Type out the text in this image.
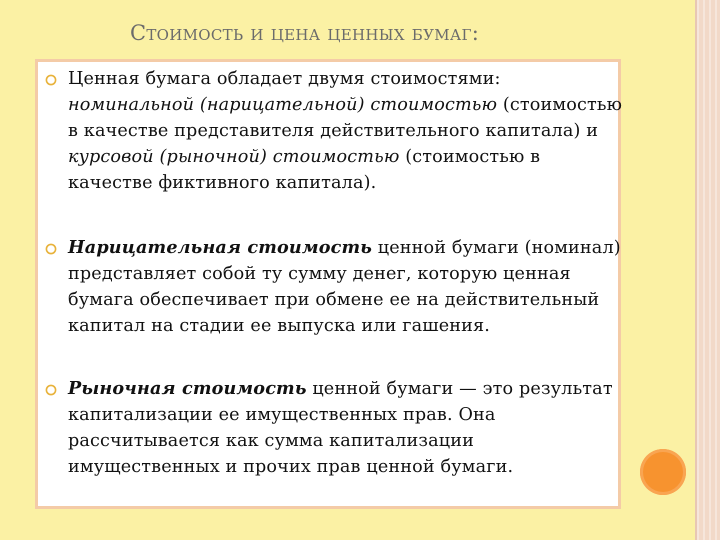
Стоимость и цена ценных бумаг:

Ценная бумага обладает двумя стоимостями: номинальной (нарицательной) стоимостью (стоимостью в качестве представителя действительного капитала) и курсовой (рыночной) стоимостью (стоимостью в качестве фиктивного капитала).

Нарицательная стоимость ценной бумаги (номинал) представляет собой ту сумму денег, которую ценная бумага обеспечивает при обмене ее на действительный капитал на стадии ее выпуска или гашения.

Рыночная стоимость ценной бумаги — это результат капитализации ее имущественных прав. Она рассчитывается как сумма капитализации имущественных и прочих прав ценной бумаги.
